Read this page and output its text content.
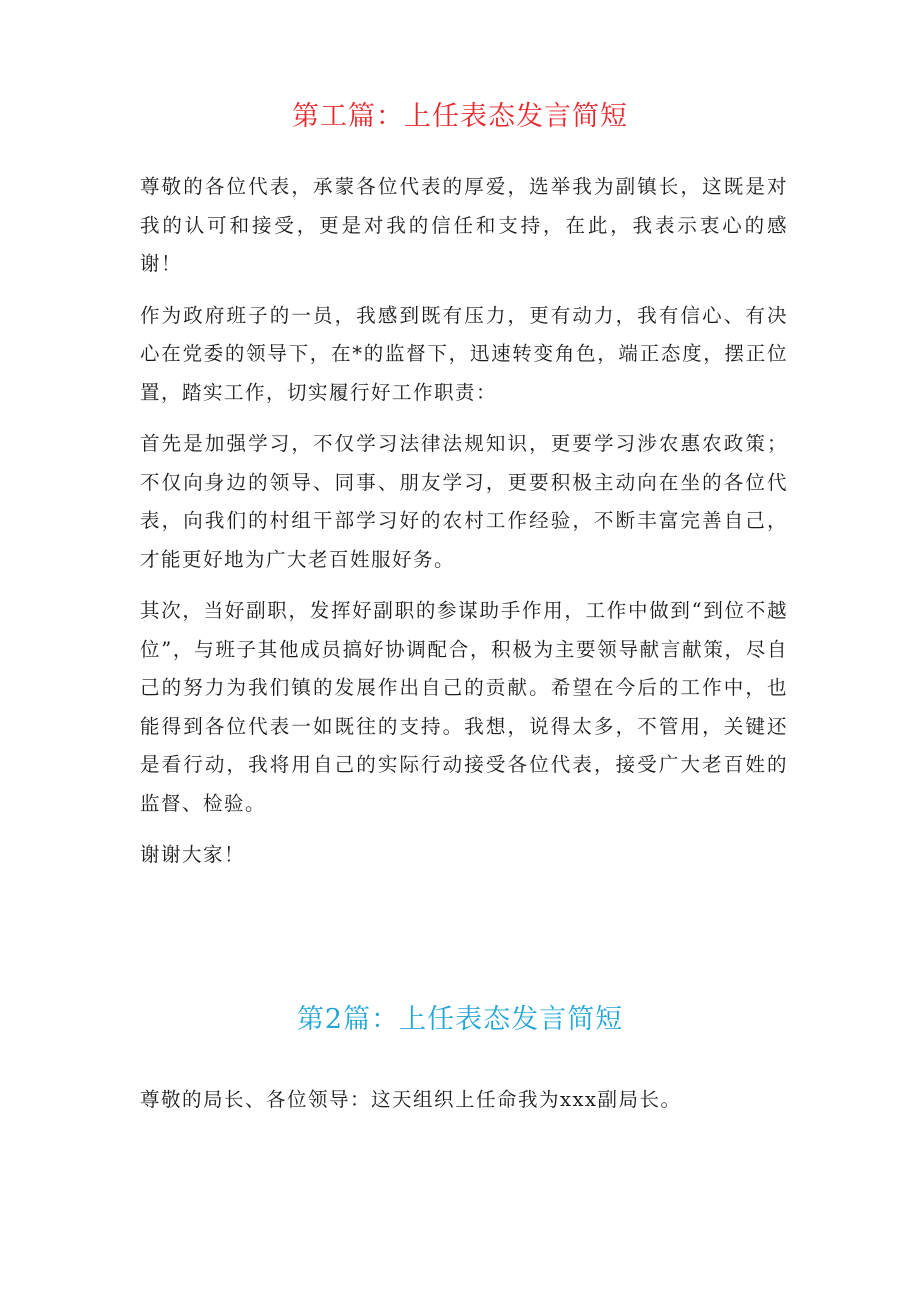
第工篇：上任表态发言简短

尊敬的各位代表，承蒙各位代表的厚爱，选举我为副镇长，这既是对我的认可和接受，更是对我的信任和支持，在此，我表示衷心的感谢！

作为政府班子的一员，我感到既有压力，更有动力，我有信心、有决心在党委的领导下，在*的监督下，迅速转变角色，端正态度，摆正位置，踏实工作，切实履行好工作职责：

首先是加强学习，不仅学习法律法规知识，更要学习涉农惠农政策；不仅向身边的领导、同事、朋友学习，更要积极主动向在坐的各位代表，向我们的村组干部学习好的农村工作经验，不断丰富完善自己，才能更好地为广大老百姓服好务。

其次，当好副职，发挥好副职的参谋助手作用，工作中做到“到位不越位”，与班子其他成员搞好协调配合，积极为主要领导献言献策，尽自己的努力为我们镇的发展作出自己的贡献。希望在今后的工作中，也能得到各位代表一如既往的支持。我想，说得太多，不管用，关键还是看行动，我将用自己的实际行动接受各位代表，接受广大老百姓的监督、检验。

谢谢大家！

第2篇：上任表态发言简短

尊敬的局长、各位领导：这天组织上任命我为xxx副局长。
